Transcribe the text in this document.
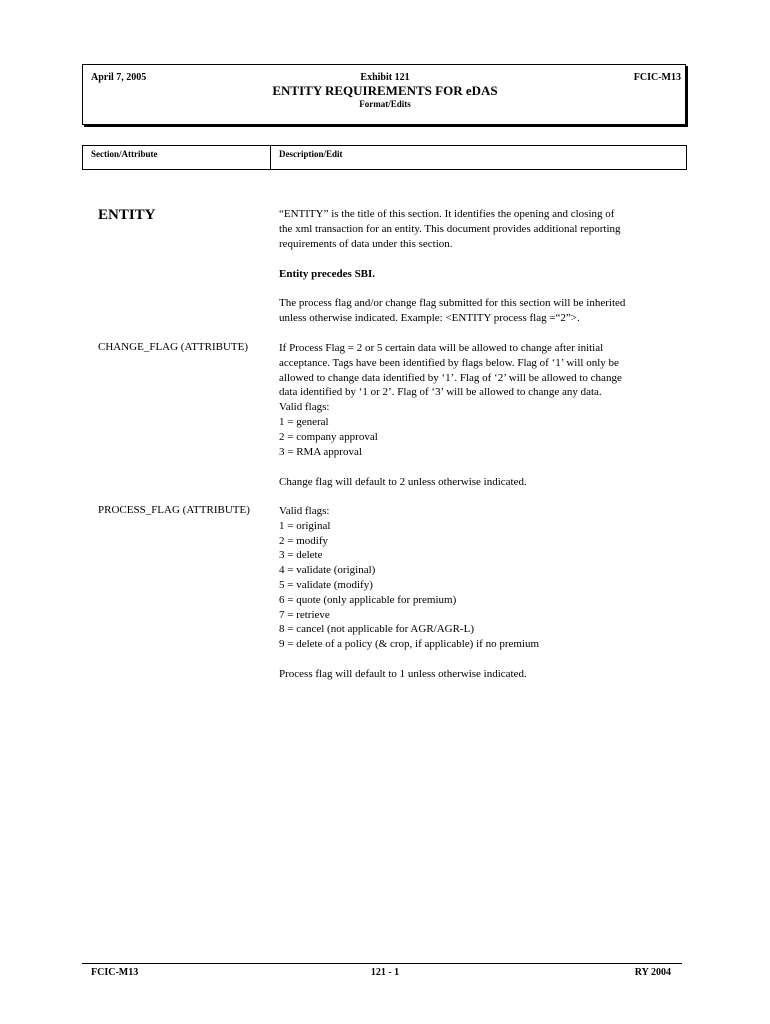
April 7, 2005	Exhibit 121	FCIC-M13
ENTITY REQUIREMENTS FOR eDAS
Format/Edits
Section/Attribute	Description/Edit
ENTITY	“ENTITY” is the title of this section. It identifies the opening and closing of

the xml transaction for an entity. This document provides additional reporting

requirements of data under this section.

Entity precedes SBI.

The process flag and/or change flag submitted for this section will be inherited

unless otherwise indicated. Example: <ENTITY process flag =“2”>.

CHANGE_FLAG (ATTRIBUTE)	If Process Flag = 2 or 5 certain data will be allowed to change after initial

acceptance. Tags have been identified by flags below. Flag of ‘1’ will only be

allowed to change data identified by ‘1’. Flag of ‘2’ will be allowed to change

data identified by ‘1 or 2’. Flag of ‘3’ will be allowed to change any data.

Valid flags:

1 = general

2 = company approval

3 = RMA approval

Change flag will default to 2 unless otherwise indicated.
PROCESS_FLAG (ATTRIBUTE)	Valid flags:

1 = original

2 = modify

3 = delete

4 = validate (original)

5 = validate (modify)

6 = quote (only applicable for premium)

7 = retrieve

8 = cancel (not applicable for AGR/AGR-L)

9 = delete of a policy (& crop, if applicable) if no premium

Process flag will default to 1 unless otherwise indicated.
FCIC-M13	121 - 1	RY 2004
